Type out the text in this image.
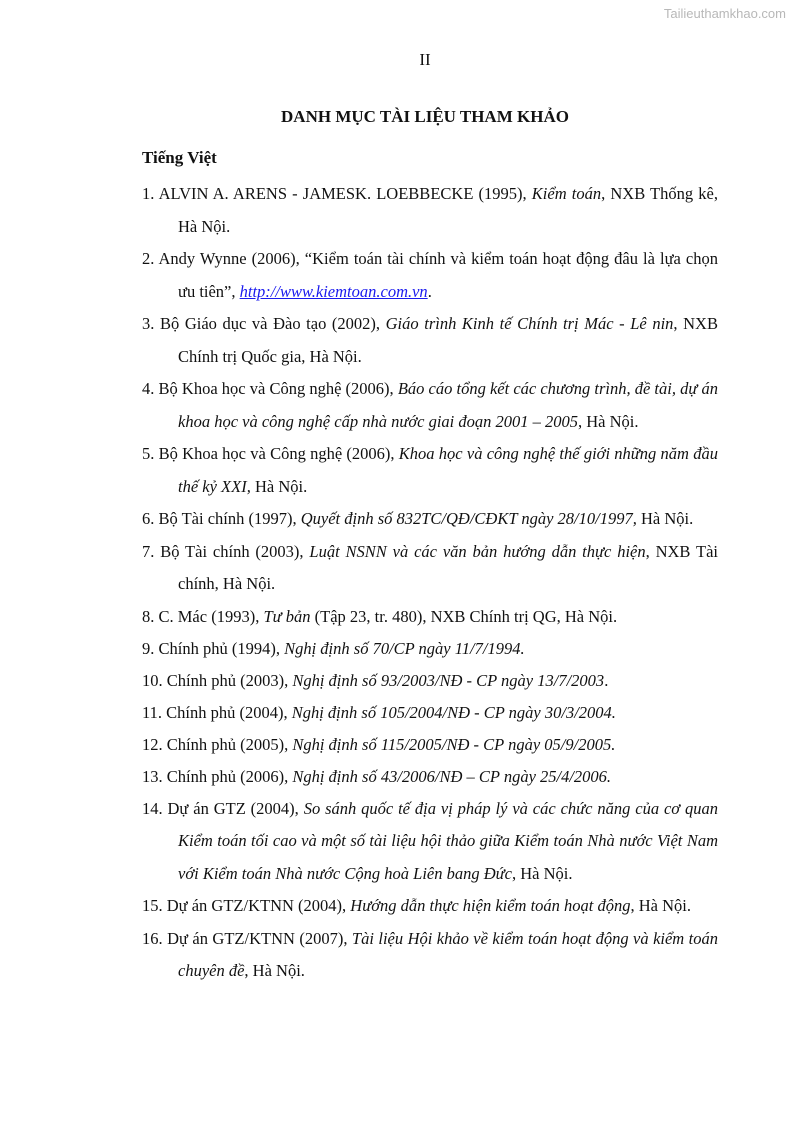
Tailieuthamkhao.com
II
DANH MỤC TÀI LIỆU THAM KHẢO
Tiếng Việt
1. ALVIN A. ARENS - JAMESK. LOEBBECKE (1995), Kiểm toán, NXB Thống kê, Hà Nội.
2. Andy Wynne (2006), “Kiểm toán tài chính và kiểm toán hoạt động đâu là lựa chọn ưu tiên”, http://www.kiemtoan.com.vn.
3. Bộ Giáo dục và Đào tạo (2002), Giáo trình Kinh tế Chính trị Mác - Lê nin, NXB Chính trị Quốc gia, Hà Nội.
4. Bộ Khoa học và Công nghệ (2006), Báo cáo tổng kết các chương trình, đề tài, dự án khoa học và công nghệ cấp nhà nước giai đoạn 2001 – 2005, Hà Nội.
5. Bộ Khoa học và Công nghệ (2006), Khoa học và công nghệ thế giới những năm đầu thế kỷ XXI, Hà Nội.
6. Bộ Tài chính (1997), Quyết định số 832TC/QĐ/CĐKT ngày 28/10/1997, Hà Nội.
7. Bộ Tài chính (2003), Luật NSNN và các văn bản hướng dẫn thực hiện, NXB Tài chính, Hà Nội.
8. C. Mác (1993), Tư bản (Tập 23, tr. 480), NXB Chính trị QG, Hà Nội.
9. Chính phủ (1994), Nghị định số 70/CP ngày 11/7/1994.
10. Chính phủ (2003), Nghị định số 93/2003/NĐ - CP ngày 13/7/2003.
11. Chính phủ (2004), Nghị định số 105/2004/NĐ - CP ngày 30/3/2004.
12. Chính phủ (2005), Nghị định số 115/2005/NĐ - CP ngày 05/9/2005.
13. Chính phủ (2006), Nghị định số 43/2006/NĐ – CP ngày 25/4/2006.
14. Dự án GTZ (2004), So sánh quốc tế địa vị pháp lý và các chức năng của cơ quan Kiểm toán tối cao và một số tài liệu hội thảo giữa Kiểm toán Nhà nước Việt Nam với Kiểm toán Nhà nước Cộng hoà Liên bang Đức, Hà Nội.
15. Dự án GTZ/KTNN (2004), Hướng dẫn thực hiện kiểm toán hoạt động, Hà Nội.
16. Dự án GTZ/KTNN (2007), Tài liệu Hội khảo về kiểm toán hoạt động và kiểm toán chuyên đề, Hà Nội.
